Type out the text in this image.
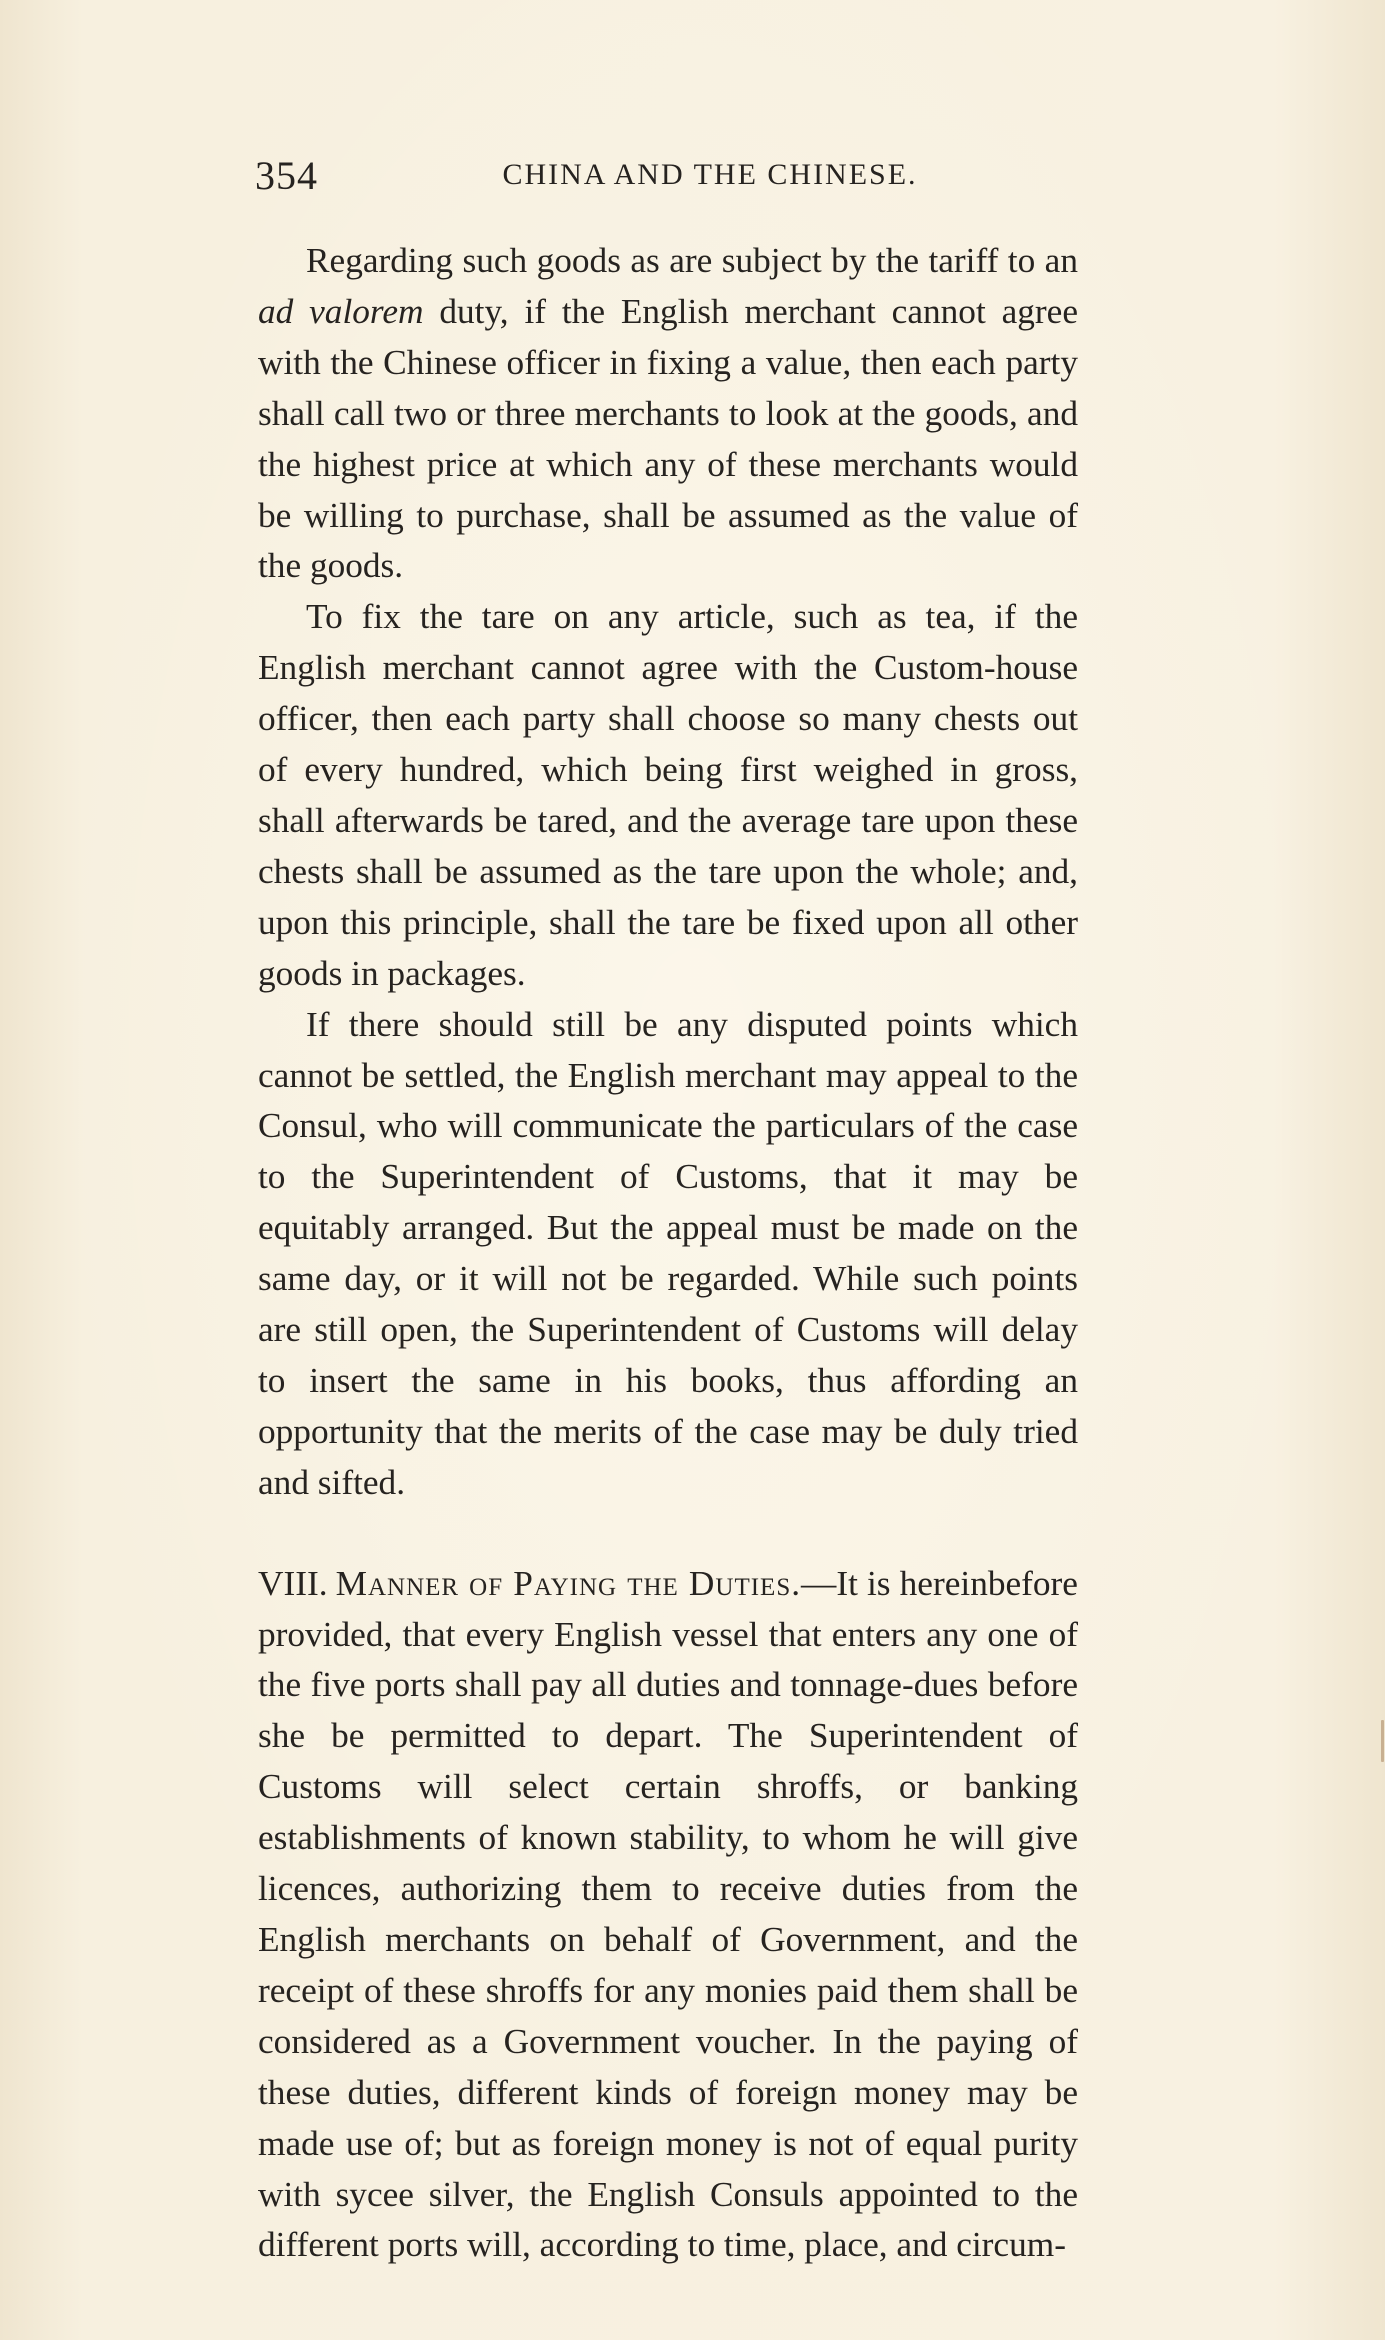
354	CHINA AND THE CHINESE.

Regarding such goods as are subject by the tariff to an ad valorem duty, if the English merchant cannot agree with the Chinese officer in fixing a value, then each party shall call two or three merchants to look at the goods, and the highest price at which any of these merchants would be willing to purchase, shall be assumed as the value of the goods.

To fix the tare on any article, such as tea, if the English merchant cannot agree with the Custom-house officer, then each party shall choose so many chests out of every hundred, which being first weighed in gross, shall afterwards be tared, and the average tare upon these chests shall be assumed as the tare upon the whole; and, upon this principle, shall the tare be fixed upon all other goods in packages.

If there should still be any disputed points which cannot be settled, the English merchant may appeal to the Consul, who will communicate the particulars of the case to the Superintendent of Customs, that it may be equitably arranged. But the appeal must be made on the same day, or it will not be regarded. While such points are still open, the Superintendent of Customs will delay to insert the same in his books, thus affording an opportunity that the merits of the case may be duly tried and sifted.

VIII. Manner of Paying the Duties.—It is hereinbefore provided, that every English vessel that enters any one of the five ports shall pay all duties and tonnage-dues before she be permitted to depart. The Superintendent of Customs will select certain shroffs, or banking establishments of known stability, to whom he will give licences, authorizing them to receive duties from the English merchants on behalf of Government, and the receipt of these shroffs for any monies paid them shall be considered as a Government voucher. In the paying of these duties, different kinds of foreign money may be made use of; but as foreign money is not of equal purity with sycee silver, the English Consuls appointed to the different ports will, according to time, place, and circum-
